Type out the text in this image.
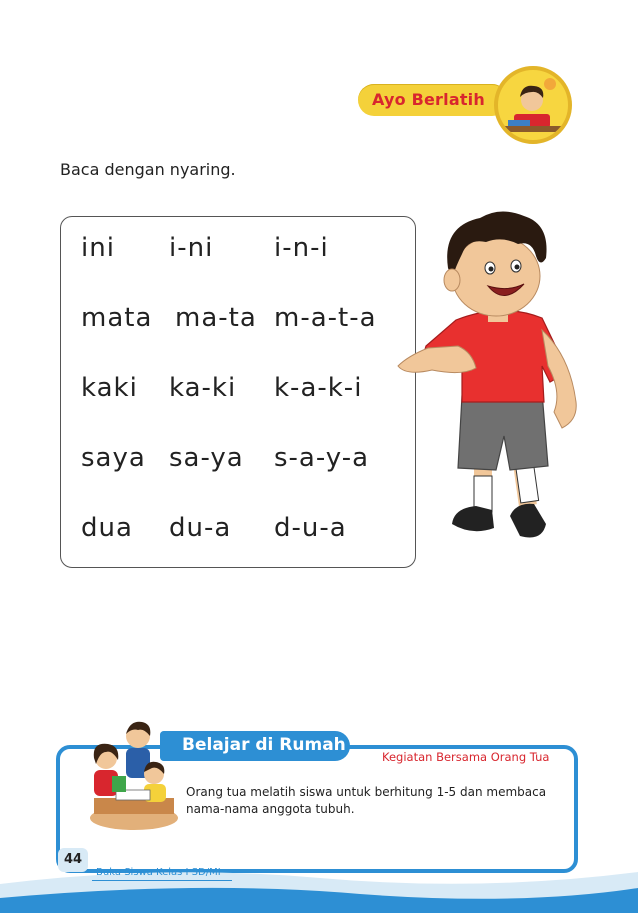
Ayo Berlatih
Baca dengan nyaring.
ini i-ni i-n-i
mata ma-ta m-a-t-a
kaki ka-ki k-a-k-i
saya sa-ya s-a-y-a
dua du-a d-u-a
Belajar di Rumah
Kegiatan Bersama Orang Tua
Orang tua melatih siswa untuk berhitung 1-5 dan membaca nama-nama anggota tubuh.
44
Buku Siswa Kelas I SD/MI
